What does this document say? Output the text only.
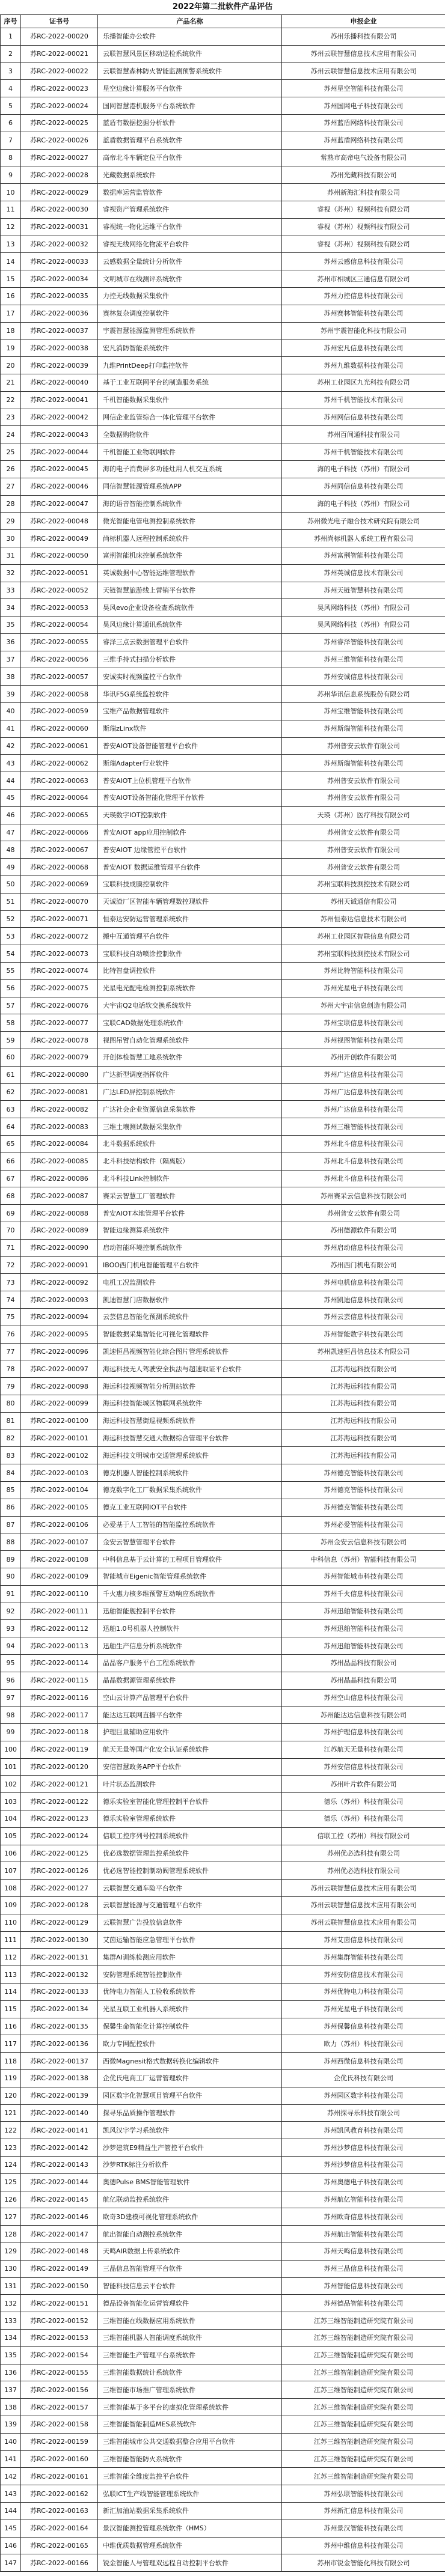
2022年第二批软件产品评估
序号	证书号	产品名称	申报企业
1	苏RC-2022-00020	乐播智能办公软件	苏州乐播科技有限公司
2	苏RC-2022-00021	云联智慧风景区移动巡检系统软件	苏州云联智慧信息技术应用有限公司
3	苏RC-2022-00022	云联智慧森林防火智能监测预警系统软件	苏州云联智慧信息技术应用有限公司
4	苏RC-2022-00023	星空边缘计算服务平台软件	苏州星空智能科技有限公司
5	苏RC-2022-00024	国网智慧港机服务平台系统软件	苏州国网电子科技有限公司
6	苏RC-2022-00025	蓝盾有数据挖掘分析软件	苏州蓝盾网络科技有限公司
7	苏RC-2022-00026	蓝盾数据管理平台系统软件	苏州蓝盾网络科技有限公司
8	苏RC-2022-00027	高帝北斗车辆定位平台软件	常熟市高帝电气设备有限公司
9	苏RC-2022-00028	光藏数据系统软件	苏州光藏科技有限公司
10	苏RC-2022-00029	数据库运营监管软件	苏州新海汇科技有限公司
11	苏RC-2022-00030	睿视资产管理系统软件	睿视（苏州）视频科技有限公司
12	苏RC-2022-00031	睿视统一物化运维平台软件	睿视（苏州）视频科技有限公司
13	苏RC-2022-00032	睿视无线网络化物流平台软件	睿视（苏州）视频科技有限公司
14	苏RC-2022-00033	云感数据全量统计分析软件	苏州云感信息科技有限公司
15	苏RC-2022-00034	文明城市在线测评系统软件	苏州市相城区三通信息有限公司
16	苏RC-2022-00035	力控无线数据采集软件	苏州力控信息科技有限公司
17	苏RC-2022-00036	赛林复杂调度控制软件	苏州赛林智能科技有限公司
18	苏RC-2022-00037	宇震智慧能源监测管理系统软件	苏州宇震智能化科技有限公司
19	苏RC-2022-00038	宏凡消防智能系统软件	苏州宏凡信息科技有限公司
20	苏RC-2022-00039	九维PrintDeep打印监控软件	苏州九维数据科技有限公司
21	苏RC-2022-00040	基于工业互联网平台的制造服务系统	苏州工业园区九光科技有限公司
22	苏RC-2022-00041	千机智能数据采集软件	苏州千机智能技术有限公司
23	苏RC-2022-00042	网信企业监管综合一体化管理平台软件	苏州网信信息科技有限公司
24	苏RC-2022-00043	全数据购物软件	苏州百间通科技有限公司
25	苏RC-2022-00044	千机智能工业物联网软件	苏州千机智能技术有限公司
26	苏RC-2022-00045	海的电子消费屏多功能灶用人机交互系统	海的电子科技（苏州）有限公司
27	苏RC-2022-00046	同信智慧能源管理系统APP	苏州同信信息科技有限公司
28	苏RC-2022-00047	海的语音智能控制系统软件	海的电子科技（苏州）有限公司
29	苏RC-2022-00048	微光智能电管电测控制系统软件	苏州微光电子融合技术研究院有限公司
30	苏RC-2022-00049	尚标机器人远程控制系统软件	苏州尚标机器人系统工程有限公司
31	苏RC-2022-00050	富荆智能机床控制系统软件	苏州富荆智能科技有限公司
32	苏RC-2022-00051	英诚数据中心智能运维管理软件	苏州英诚信息技术有限公司
33	苏RC-2022-00052	天链智慧旅游线上营销平台软件	苏州天链智慧科技有限公司
34	苏RC-2022-00053	昊风evo企业设备检查系统软件	昊风网络科技（苏州）有限公司
35	苏RC-2022-00054	昊风边缘计算通讯系统软件	昊风网络科技（苏州）有限公司
36	苏RC-2022-00055	睿泽三点云数据管理平台软件	苏州睿泽智能科技有限公司
37	苏RC-2022-00056	三维手持式扫描分析软件	苏州三维智能科技有限公司
38	苏RC-2022-00057	安诚实时视频监控平台软件	苏州安诚信息科技有限公司
39	苏RC-2022-00058	华讯F5G系统监控软件	苏州华讯信息系统股份有限公司
40	苏RC-2022-00059	宝维产品数据管理软件	苏州宝维智能科技有限公司
41	苏RC-2022-00060	斯瑞zLinx软件	苏州斯瑞智能科技有限公司
42	苏RC-2022-00061	普安AIOT设备智能管理平台软件	苏州普安云软件有限公司
43	苏RC-2022-00062	斯瑞Adapter行业软件	苏州斯瑞智能科技有限公司
44	苏RC-2022-00063	普安AIOT上位机管理平台软件	苏州普安云软件有限公司
45	苏RC-2022-00064	普安AIOT设备智能化管理平台软件	苏州普安云软件有限公司
46	苏RC-2022-00065	天瑛数字IOT控制软件	天瑛（苏州）医疗科技有限公司
47	苏RC-2022-00066	普安AIOT app应用控制软件	苏州普安云软件有限公司
48	苏RC-2022-00067	普安AIOT 边缘管控平台软件	苏州普安云软件有限公司
49	苏RC-2022-00068	普安AIOT 数据运维管理平台软件	苏州普安云软件有限公司
50	苏RC-2022-00069	宝联科技成膜控制软件	苏州宝联科技测控技术有限公司
51	苏RC-2022-00070	天诚渣厂区智能车辆管理数控现软件	苏州天诚通信有限公司
52	苏RC-2022-00071	恒泰达安防运营管理系统软件	苏州恒泰达信息技术有限公司
53	苏RC-2022-00072	搬中互通管理平台软件	苏州工业园区智联信息有限公司
54	苏RC-2022-00073	宝联科技自动喷涂控制软件	苏州宝联科技测控技术有限公司
55	苏RC-2022-00074	比特智盘调控软件	苏州比特智能科技有限公司
56	苏RC-2022-00075	光星电光配电检测控制系统软件	苏州光星电子科技有限公司
57	苏RC-2022-00076	大宇宙Q2电话软交换系统软件	苏州大宇宙信息创造有限公司
58	苏RC-2022-00077	宝联CAD数据处理系统软件	苏州宝联信息科技有限公司
59	苏RC-2022-00078	视图吊臂自动化管理系统软件	苏州视图智能科技有限公司
60	苏RC-2022-00079	开创体检智慧工地系统软件	苏州开创软件有限公司
61	苏RC-2022-00080	广达新型调度指挥软件	苏州广达信息科技有限公司
62	苏RC-2022-00081	广达LED屏控制系统软件	苏州广达信息科技有限公司
63	苏RC-2022-00082	广达社会企业资源信息采集软件	苏州广达信息科技有限公司
64	苏RC-2022-00083	三维土壤测试数据采集软件	苏州三维智能科技有限公司
65	苏RC-2022-00084	北斗数据系统软件	苏州北斗信息科技有限公司
66	苏RC-2022-00085	北斗科技结构软件（隔离版）	苏州北斗信息科技有限公司
67	苏RC-2022-00086	北斗科技Link控制软件	苏州北斗信息科技有限公司
68	苏RC-2022-00087	赛采云智慧工厂管理软件	苏州赛采云信息科技有限公司
69	苏RC-2022-00088	普安AIOT本地管理平台软件	苏州普安云软件有限公司
70	苏RC-2022-00089	智能边缘测算系统软件	苏州德源软件有限公司
71	苏RC-2022-00090	启动智能环境控制系统软件	苏州启动信息科技有限公司
72	苏RC-2022-00091	IBOO西门机电智能管理平台软件	苏州西门机电有限公司
73	苏RC-2022-00092	电机工况监测软件	苏州电机信息科技有限公司
74	苏RC-2022-00093	凯迪智慧门店数据软件	苏州凯迪信息科技有限公司
75	苏RC-2022-00094	云芸信息智能化预测系统软件	苏州云芸信息科技有限公司
76	苏RC-2022-00095	智能数据采集智能化可视化管理软件	苏州智能数字科技有限公司
77	苏RC-2022-00096	凯速恒昌视频智能化综合图片管理系统软件	苏州凯速恒昌信息技术有限公司
78	苏RC-2022-00097	海远科技无人驾驶安全执法与超速取证平台软件	江苏海远科技有限公司
79	苏RC-2022-00098	海远科技视频智能分析测站软件	江苏海远科技有限公司
80	苏RC-2022-00099	海远科技智能城区物联网系统软件	江苏海远科技有限公司
81	苏RC-2022-00100	海远科技智慧街巡视频系统软件	江苏海远科技有限公司
82	苏RC-2022-00101	海远科技智慧交通大数据综合管理平台软件	江苏海远科技有限公司
83	苏RC-2022-00102	海远科技文明城市交通管理系统软件	江苏海远科技有限公司
84	苏RC-2022-00103	德克机器人智能控制系统软件	苏州德克智能科技有限公司
85	苏RC-2022-00104	德克数字化工厂数据采集系统软件	苏州德克智能科技有限公司
86	苏RC-2022-00105	德克工业互联网IOT平台软件	苏州德克智能科技有限公司
87	苏RC-2022-00106	必爱基于人工智能的智能监控系统软件	苏州必爱智能科技有限公司
88	苏RC-2022-00107	金安云智慧管理平台软件	苏州金安云信息科技有限公司
89	苏RC-2022-00108	中科信息基于云计算的工程项目管理软件	中科信息（苏州）智能科技有限公司
90	苏RC-2022-00109	智能城市Eigenic智能管理系统软件	苏州智能城市科技有限公司
91	苏RC-2022-00110	千火惠力核多维预警互动响应系统软件	苏州千火信息科技有限公司
92	苏RC-2022-00111	迅舶智能舰控制平台软件	苏州迅舶智能科技有限公司
93	苏RC-2022-00112	迅舶1.0号机器人控制软件	苏州迅舶智能科技有限公司
94	苏RC-2022-00113	迅舶生产信息分析系统软件	苏州迅舶智能科技有限公司
95	苏RC-2022-00114	晶晶客户服务平台工程系统软件	苏州晶晶科技有限公司
96	苏RC-2022-00115	晶晶数据源管理系统软件	苏州晶晶科技有限公司
97	苏RC-2022-00116	空山云计算产品管理平台软件	苏州空山信息科技有限公司
98	苏RC-2022-00117	能达达互联网直播平台软件	苏州能达达信息科技有限公司
99	苏RC-2022-00118	护理巨量辅助应用软件	苏州护理信息科技有限公司
100	苏RC-2022-00119	航天无量等国产化安全认证系统软件	江苏航天无量科技有限公司
101	苏RC-2022-00120	安信智慧政务APP平台软件	苏州安信信息科技有限公司
102	苏RC-2022-00121	叶片状态监测软件	苏州叶片软件有限公司
103	苏RC-2022-00122	德乐实验室智能化管理控制平台软件	德乐（苏州）科技有限公司
104	苏RC-2022-00123	德乐实验室管理系统软件	德乐（苏州）科技有限公司
105	苏RC-2022-00124	信联工控序列号控制系统软件	信联工控（苏州）科技有限公司
106	苏RC-2022-00125	优必选数据管理监控系统软件	苏州优必选科技有限公司
107	苏RC-2022-00126	优必选智能控制制动阀管理系统软件	苏州优必选科技有限公司
108	苏RC-2022-00127	云联智慧交通车险平台软件	苏州云联智慧信息技术应用有限公司
109	苏RC-2022-00128	云联智慧能源与交通管理平台软件	苏州云联智慧信息技术应用有限公司
110	苏RC-2022-00129	云联智慧广告投放信息软件	苏州云联智慧信息技术应用有限公司
111	苏RC-2022-00130	艾茵运输智能应急管理平台软件	苏州艾茵信息科技有限公司
112	苏RC-2022-00131	集群AI训练检测应用软件	苏州集群智能科技有限公司
113	苏RC-2022-00132	安防管理系统智能控制软件	苏州安防信息技术有限公司
114	苏RC-2022-00133	优特电力智能人工验收系统软件	苏州优特电力科技有限公司
115	苏RC-2022-00134	光星互联工业机器人系统软件	苏州光星电子科技有限公司
116	苏RC-2022-00135	保馨生命智能化计算控制软件	苏州保馨信息科技有限公司
117	苏RC-2022-00136	欧力专网配控软件	欧力（苏州）科技有限公司
118	苏RC-2022-00137	西微Magnesit格式数据转换化编辑软件	苏州西微信息科技有限公司
119	苏RC-2022-00138	企优氏电商工厂运营管理软件	企优氏科技有限公司
120	苏RC-2022-00139	园区数字化智慧项目管理平台软件	苏州园区数字科技有限公司
121	苏RC-2022-00140	探寻乐品质操作管理软件	苏州探寻乐科技有限公司
122	苏RC-2022-00141	凯风汉字学习系统软件	苏州凯风教育科技有限公司
123	苏RC-2022-00142	沙梦建筑E9精益生产管控平台软件	苏州沙梦信息科技有限公司
124	苏RC-2022-00143	沙梦RTK标注分析软件	苏州沙梦信息科技有限公司
125	苏RC-2022-00144	奥德Pulse BMS智能管理软件	苏州奥德电子科技有限公司
126	苏RC-2022-00145	航亿联动监控系统软件	苏州航亿智能科技有限公司
127	苏RC-2022-00146	欧奇3D建模可视化管理系统软件	苏州欧奇信息科技有限公司
128	苏RC-2022-00147	航出智能自动测控系统软件	苏州航出智能科技有限公司
129	苏RC-2022-00148	天鸣AIR数据上传系统软件	苏州天鸣信息科技有限公司
130	苏RC-2022-00149	三晶信息智能管理平台软件	苏州三晶信息科技有限公司
131	苏RC-2022-00150	智能科技信息云平台软件	苏州智能信息科技有限公司
132	苏RC-2022-00151	德品设备智能化运营管理软件	苏州德品智能科技有限公司
133	苏RC-2022-00152	三维智能在线数据应用系统软件	江苏三维智能制造研究院有限公司
134	苏RC-2022-00153	三维智能机器人智能调度系统软件	江苏三维智能制造研究院有限公司
135	苏RC-2022-00154	三维智能生产管理平台系统软件	江苏三维智能制造研究院有限公司
136	苏RC-2022-00155	三维智能数据统计系统软件	江苏三维智能制造研究院有限公司
137	苏RC-2022-00156	三维智能市场推广管理系统软件	江苏三维智能制造研究院有限公司
138	苏RC-2022-00157	三维智能基于多平台的虚拟化管理系统软件	江苏三维智能制造研究院有限公司
139	苏RC-2022-00158	三维智能智能制造MES系统软件	江苏三维智能制造研究院有限公司
140	苏RC-2022-00159	三维智能城市公共交通数据整合应用平台软件	江苏三维智能制造研究院有限公司
141	苏RC-2022-00160	三维智能智能防火系统软件	江苏三维智能制造研究院有限公司
142	苏RC-2022-00161	三维智能全维度监控平台软件	江苏三维智能制造研究院有限公司
143	苏RC-2022-00162	弘联ICT生产线智能管理系统软件	苏州弘联智能科技有限公司
144	苏RC-2022-00163	新汇加油站数据采集系统软件	苏州新汇信息科技有限公司
145	苏RC-2022-00164	景汉智能测控管理系统软件（HMS）	苏州景汉智能科技有限公司
146	苏RC-2022-00165	中维优质数据管理系统软件	苏州中维信息科技有限公司
147	苏RC-2022-00166	锐金智能人与管理双远程自动控制平台软件	苏州市锐金智能化科技有限公司
